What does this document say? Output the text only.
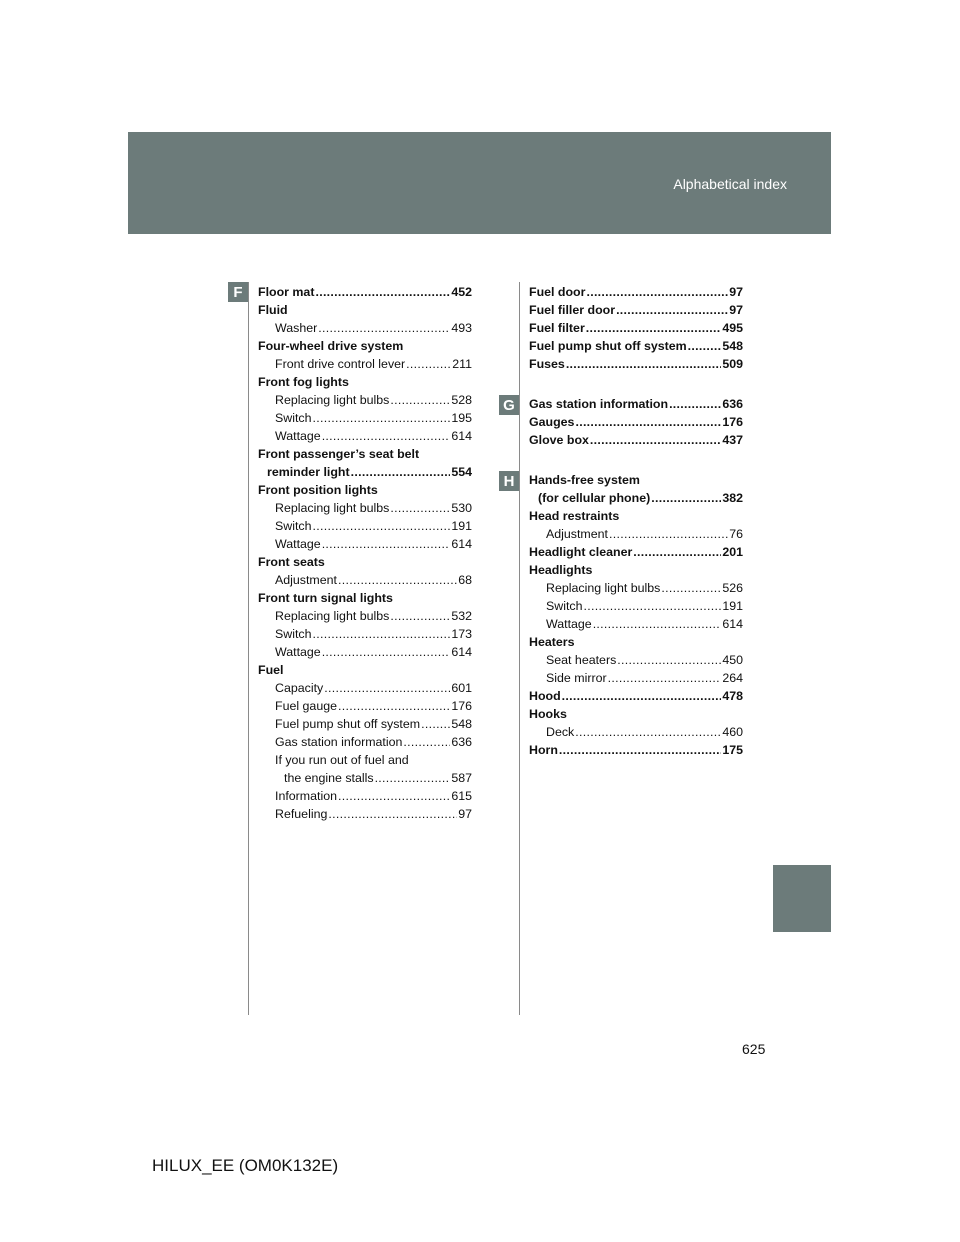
Alphabetical index
F
G
H
Floor mat .....	452
Fluid
Washer .....	493
Four-wheel drive system
Front drive control lever .....	211
Front fog lights
Replacing light bulbs .....	528
Switch .....	195
Wattage .....	614
Front passenger’s seat belt
reminder light .....	554
Front position lights
Replacing light bulbs .....	530
Switch .....	191
Wattage .....	614
Front seats
Adjustment .....	68
Front turn signal lights
Replacing light bulbs .....	532
Switch .....	173
Wattage .....	614
Fuel
Capacity .....	601
Fuel gauge .....	176
Fuel pump shut off system .....	548
Gas station information .....	636
If you run out of fuel and
the engine stalls .....	587
Information .....	615
Refueling .....	97
Fuel door .....	97
Fuel filler door .....	97
Fuel filter .....	495
Fuel pump shut off system .....	548
Fuses .....	509
Gas station information .....	636
Gauges .....	176
Glove box .....	437
Hands-free system
(for cellular phone) .....	382
Head restraints
Adjustment .....	76
Headlight cleaner .....	201
Headlights
Replacing light bulbs .....	526
Switch .....	191
Wattage .....	614
Heaters
Seat heaters .....	450
Side mirror .....	264
Hood .....	478
Hooks
Deck .....	460
Horn .....	175
625
HILUX_EE (OM0K132E)
